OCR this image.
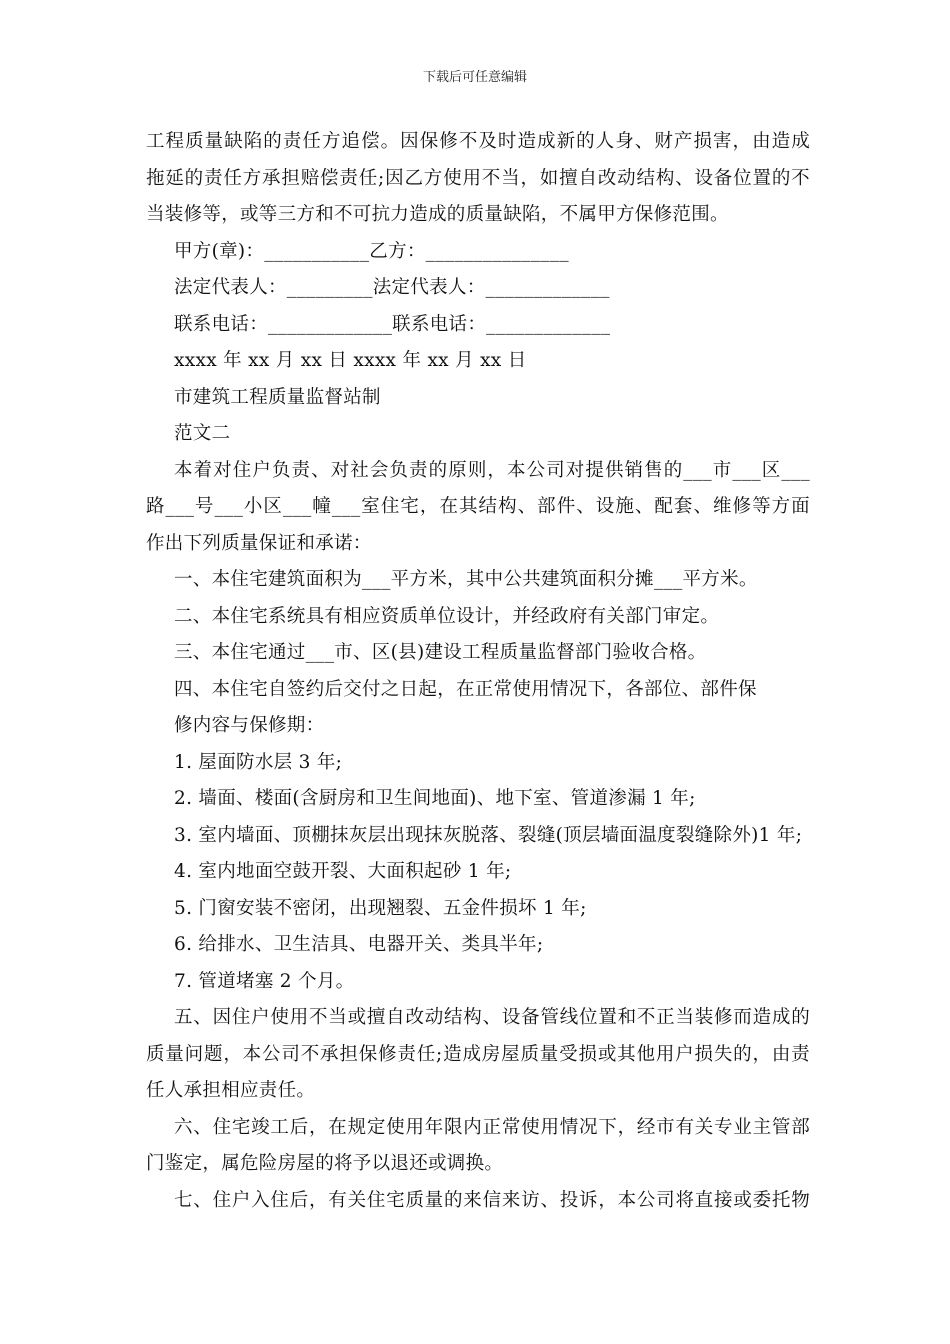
下载后可任意编辑
工程质量缺陷的责任方追偿。因保修不及时造成新的人身、财产损害，由造成
拖延的责任方承担赔偿责任;因乙方使用不当，如擅自改动结构、设备位置的不
当装修等，或等三方和不可抗力造成的质量缺陷，不属甲方保修范围。
甲方(章)：___________乙方：_______________
法定代表人：_________法定代表人：_____________
联系电话：_____________联系电话：_____________
xxxx 年 xx 月 xx 日 xxxx 年 xx 月 xx 日
市建筑工程质量监督站制
范文二
本着对住户负责、对社会负责的原则，本公司对提供销售的___市___区___
路___号___小区___幢___室住宅，在其结构、部件、设施、配套、维修等方面
作出下列质量保证和承诺：
一、本住宅建筑面积为___平方米，其中公共建筑面积分摊___平方米。
二、本住宅系统具有相应资质单位设计，并经政府有关部门审定。
三、本住宅通过___市、区(县)建设工程质量监督部门验收合格。
四、本住宅自签约后交付之日起，在正常使用情况下，各部位、部件保
修内容与保修期：
1. 屋面防水层 3 年;
2. 墙面、楼面(含厨房和卫生间地面)、地下室、管道渗漏 1 年;
3. 室内墙面、顶棚抹灰层出现抹灰脱落、裂缝(顶层墙面温度裂缝除外)1 年;
4. 室内地面空鼓开裂、大面积起砂 1 年;
5. 门窗安装不密闭，出现翘裂、五金件损坏 1 年;
6. 给排水、卫生洁具、电器开关、类具半年;
7. 管道堵塞 2 个月。
五、因住户使用不当或擅自改动结构、设备管线位置和不正当装修而造成的
质量问题，本公司不承担保修责任;造成房屋质量受损或其他用户损失的，由责
任人承担相应责任。
六、住宅竣工后，在规定使用年限内正常使用情况下，经市有关专业主管部
门鉴定，属危险房屋的将予以退还或调换。
七、住户入住后，有关住宅质量的来信来访、投诉，本公司将直接或委托物
